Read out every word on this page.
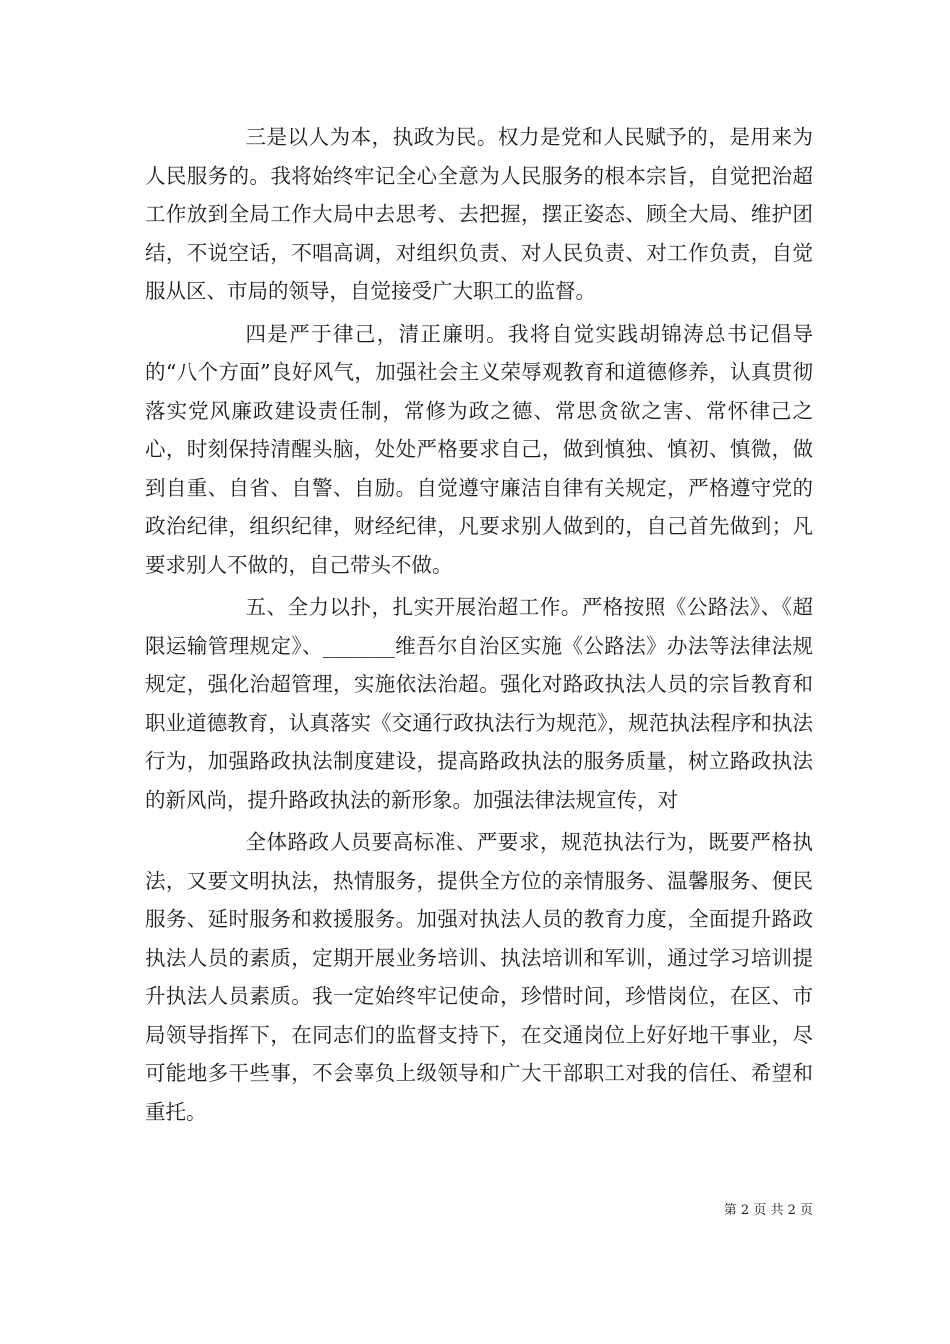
三是以人为本，执政为民。权力是党和人民赋予的，是用来为人民服务的。我将始终牢记全心全意为人民服务的根本宗旨，自觉把治超工作放到全局工作大局中去思考、去把握，摆正姿态、顾全大局、维护团结，不说空话，不唱高调，对组织负责、对人民负责、对工作负责，自觉服从区、市局的领导，自觉接受广大职工的监督。

四是严于律己，清正廉明。我将自觉实践胡锦涛总书记倡导的“八个方面”良好风气，加强社会主义荣辱观教育和道德修养，认真贯彻落实党风廉政建设责任制，常修为政之德、常思贪欲之害、常怀律己之心，时刻保持清醒头脑，处处严格要求自己，做到慎独、慎初、慎微，做到自重、自省、自警、自励。自觉遵守廉洁自律有关规定，严格遵守党的政治纪律，组织纪律，财经纪律，凡要求别人做到的，自己首先做到；凡要求别人不做的，自己带头不做。

五、全力以扑，扎实开展治超工作。严格按照《公路法》、《超限运输管理规定》、_______维吾尔自治区实施《公路法》办法等法律法规规定，强化治超管理，实施依法治超。强化对路政执法人员的宗旨教育和职业道德教育，认真落实《交通行政执法行为规范》，规范执法程序和执法行为，加强路政执法制度建设，提高路政执法的服务质量，树立路政执法的新风尚，提升路政执法的新形象。加强法律法规宣传，对

全体路政人员要高标准、严要求，规范执法行为，既要严格执法，又要文明执法，热情服务，提供全方位的亲情服务、温馨服务、便民服务、延时服务和救援服务。加强对执法人员的教育力度，全面提升路政执法人员的素质，定期开展业务培训、执法培训和军训，通过学习培训提升执法人员素质。我一定始终牢记使命，珍惜时间，珍惜岗位，在区、市局领导指挥下，在同志们的监督支持下，在交通岗位上好好地干事业，尽可能地多干些事，不会辜负上级领导和广大干部职工对我的信任、希望和重托。

第 2 页 共 2 页
